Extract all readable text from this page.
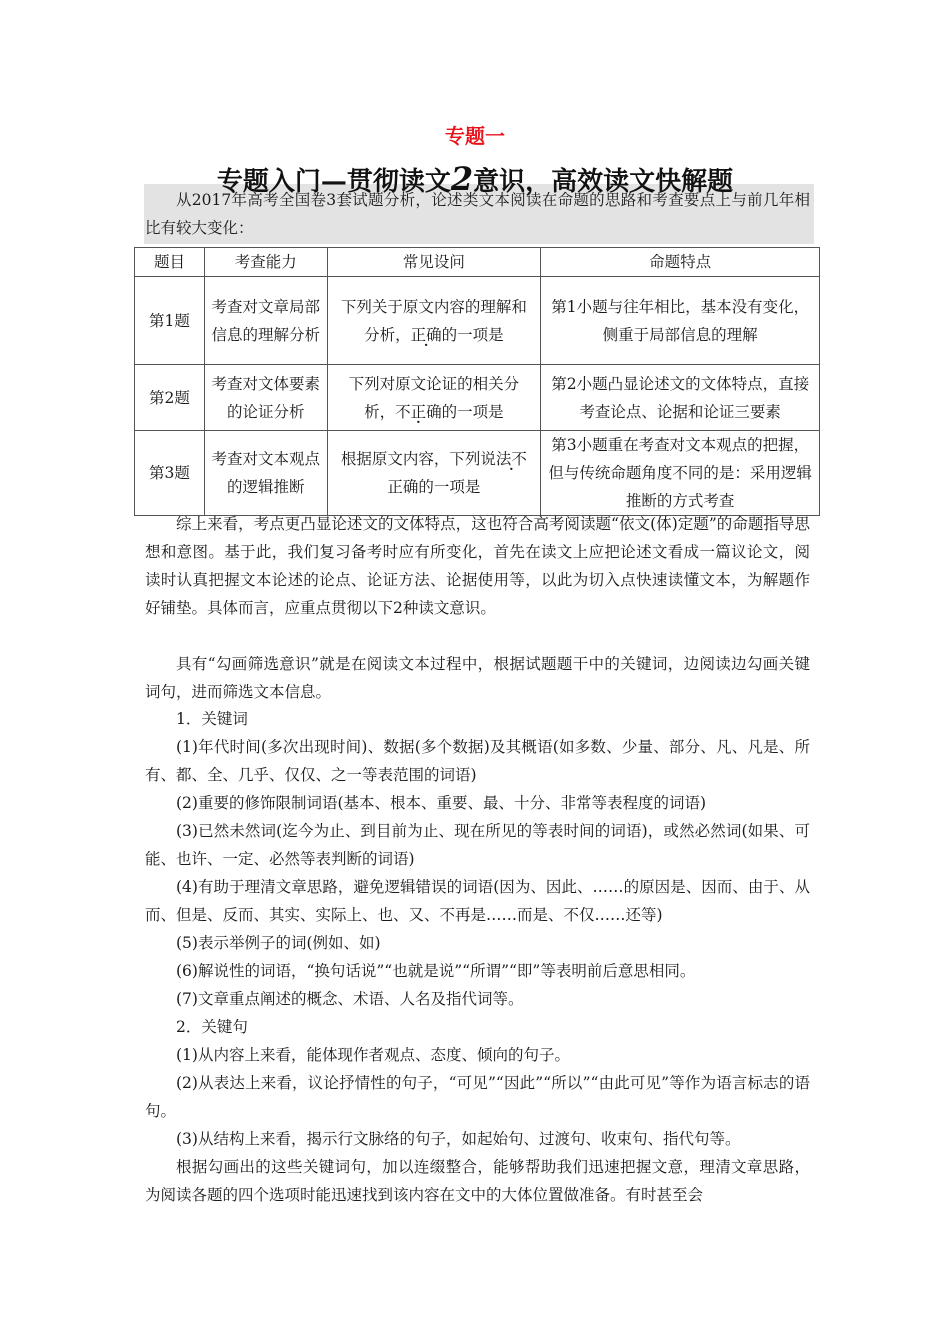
专题一
专题入门—贯彻读文2意识，高效读文快解题
从2017年高考全国卷3套试题分析，论述类文本阅读在命题的思路和考查要点上与前几年相比有较大变化：
题目	考查能力	常见设问	命题特点
第1题	考查对文章局部信息的理解分析	下列关于原文内容的理解和分析，正确的一项是	第1小题与往年相比，基本没有变化，侧重于局部信息的理解
第2题	考查对文体要素的论证分析	下列对原文论证的相关分析，不正确的一项是	第2小题凸显论述文的文体特点，直接考查论点、论据和论证三要素
第3题	考查对文本观点的逻辑推断	根据原文内容，下列说法不正确 ·的一项是	第3小题重在考查对文本观点的把握，但与传统命题角度不同的是：采用逻辑推断的方式考查
综上来看，考点更凸显论述文的文体特点，这也符合高考阅读题“依文(体)定题”的命题指导思想和意图。基于此，我们复习备考时应有所变化，首先在读文上应把论述文看成一篇议论文，阅读时认真把握文本论述的论点、论证方法、论据使用等，以此为切入点快速读懂文本，为解题作好铺垫。具体而言，应重点贯彻以下2种读文意识。
具有“勾画筛选意识”就是在阅读文本过程中，根据试题题干中的关键词，边阅读边勾画关键词句，进而筛选文本信息。
1．关键词
(1)年代时间(多次出现时间)、数据(多个数据)及其概语(如多数、少量、部分、凡、凡是、所有、都、全、几乎、仅仅、之一等表范围的词语)
(2)重要的修饰限制词语(基本、根本、重要、最、十分、非常等表程度的词语)
(3)已然未然词(迄今为止、到目前为止、现在所见的等表时间的词语)，或然必然词(如果、可能、也许、一定、必然等表判断的词语)
(4)有助于理清文章思路，避免逻辑错误的词语(因为、因此、……的原因是、因而、由于、从而、但是、反而、其实、实际上、也、又、不再是……而是、不仅……还等)
(5)表示举例子的词(例如、如)
(6)解说性的词语，“换句话说”“也就是说”“所谓”“即”等表明前后意思相同。
(7)文章重点阐述的概念、术语、人名及指代词等。
2．关键句
(1)从内容上来看，能体现作者观点、态度、倾向的句子。
(2)从表达上来看，议论抒情性的句子，“可见”“因此”“所以”“由此可见”等作为语言标志的语句。
(3)从结构上来看，揭示行文脉络的句子，如起始句、过渡句、收束句、指代句等。
根据勾画出的这些关键词句，加以连缀整合，能够帮助我们迅速把握文意，理清文章思路，为阅读各题的四个选项时能迅速找到该内容在文中的大体位置做准备。有时甚至会
